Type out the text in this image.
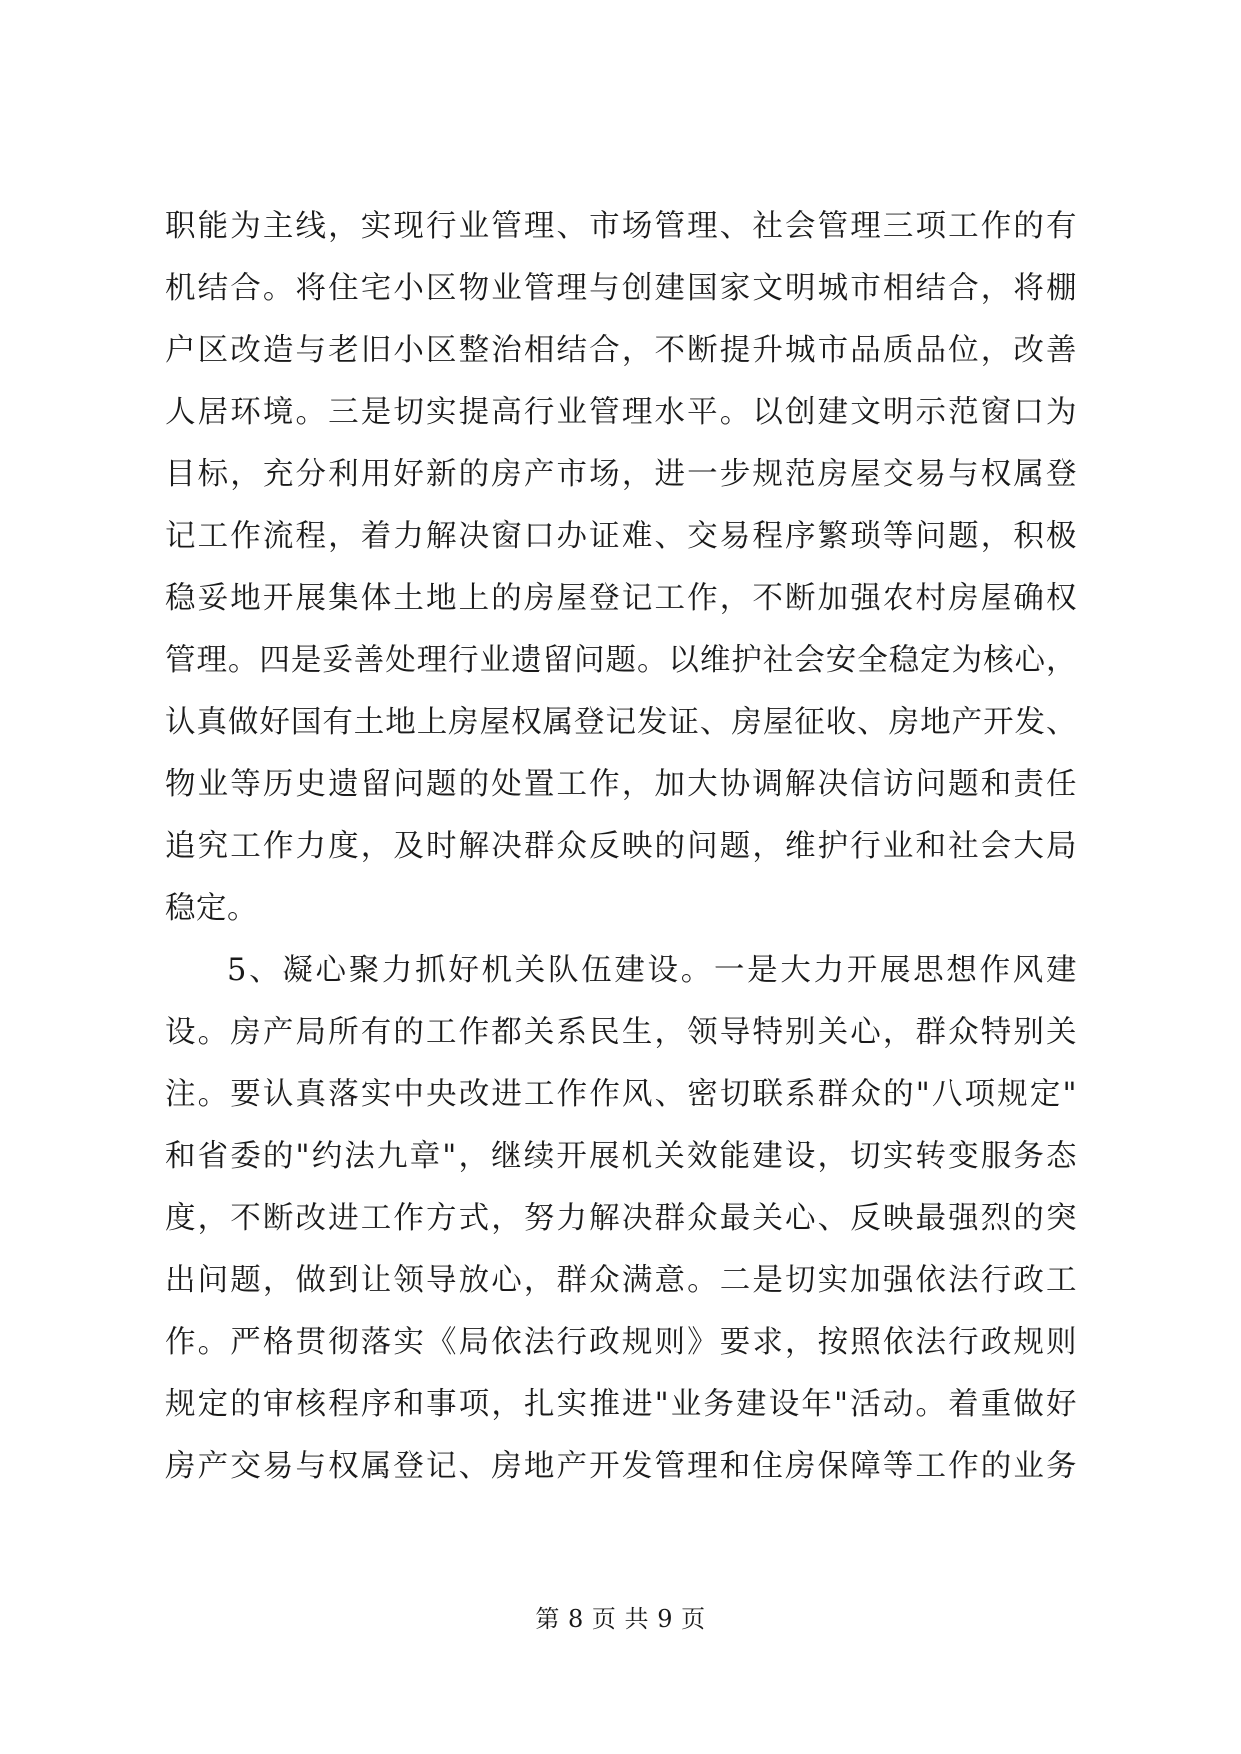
职能为主线，实现行业管理、市场管理、社会管理三项工作的有
机结合。将住宅小区物业管理与创建国家文明城市相结合，将棚
户区改造与老旧小区整治相结合，不断提升城市品质品位，改善
人居环境。三是切实提高行业管理水平。以创建文明示范窗口为
目标，充分利用好新的房产市场，进一步规范房屋交易与权属登
记工作流程，着力解决窗口办证难、交易程序繁琐等问题，积极
稳妥地开展集体土地上的房屋登记工作，不断加强农村房屋确权
管理。四是妥善处理行业遗留问题。以维护社会安全稳定为核心，
认真做好国有土地上房屋权属登记发证、房屋征收、房地产开发、
物业等历史遗留问题的处置工作，加大协调解决信访问题和责任
追究工作力度，及时解决群众反映的问题，维护行业和社会大局
稳定。
5、凝心聚力抓好机关队伍建设。一是大力开展思想作风建
设。房产局所有的工作都关系民生，领导特别关心，群众特别关
注。要认真落实中央改进工作作风、密切联系群众的"八项规定"
和省委的"约法九章"，继续开展机关效能建设，切实转变服务态
度，不断改进工作方式，努力解决群众最关心、反映最强烈的突
出问题，做到让领导放心，群众满意。二是切实加强依法行政工
作。严格贯彻落实《局依法行政规则》要求，按照依法行政规则
规定的审核程序和事项，扎实推进"业务建设年"活动。着重做好
房产交易与权属登记、房地产开发管理和住房保障等工作的业务
第 8 页 共 9 页
